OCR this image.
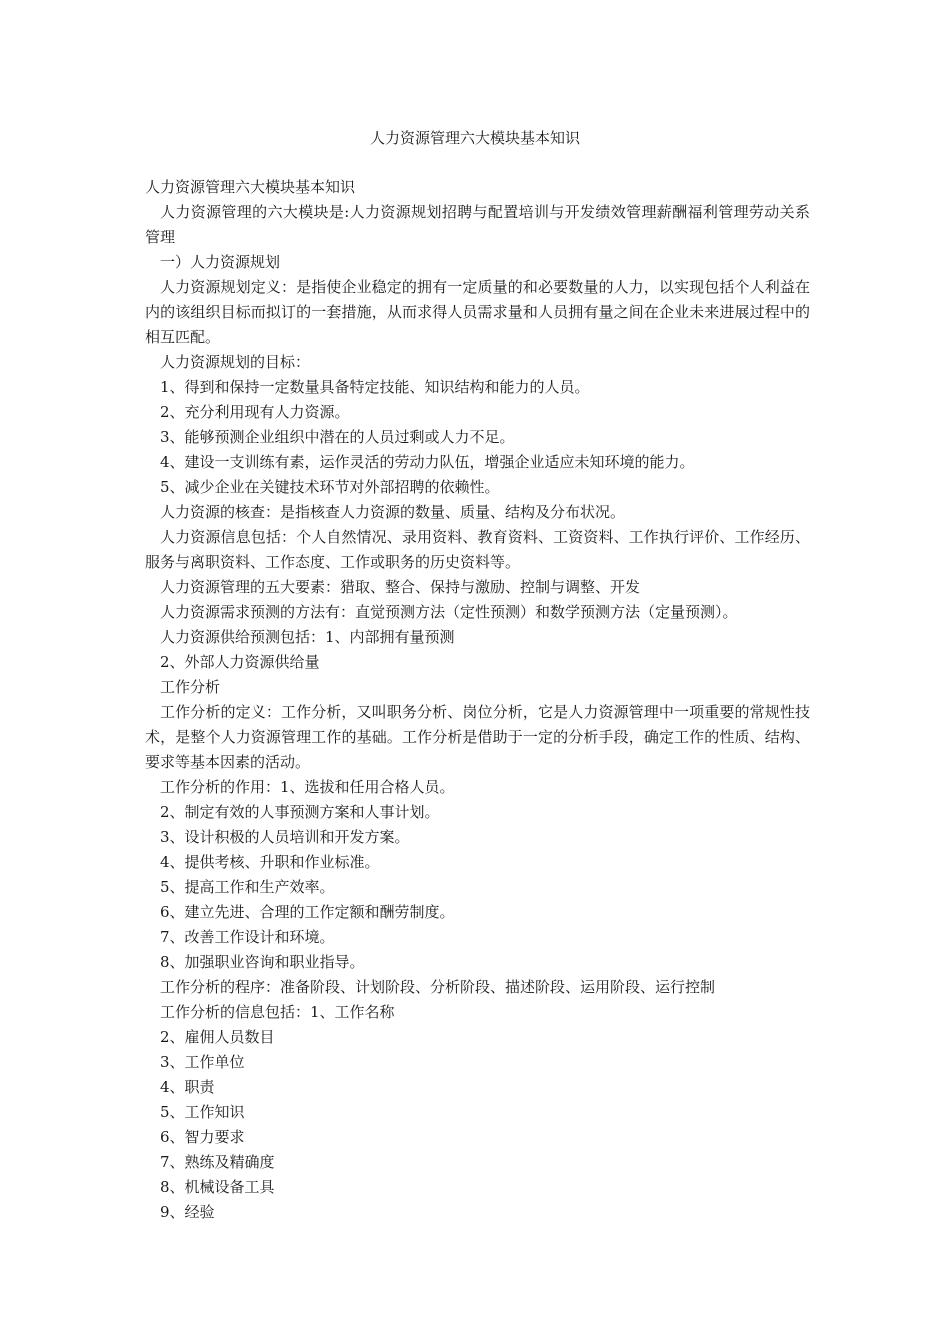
人力资源管理六大模块基本知识

人力资源管理六大模块基本知识

人力资源管理的六大模块是:人力资源规划招聘与配置培训与开发绩效管理薪酬福利管理劳动关系管理

一）人力资源规划

人力资源规划定义：是指使企业稳定的拥有一定质量的和必要数量的人力，以实现包括个人利益在内的该组织目标而拟订的一套措施，从而求得人员需求量和人员拥有量之间在企业未来进展过程中的相互匹配。

人力资源规划的目标：

1、得到和保持一定数量具备特定技能、知识结构和能力的人员。

2、充分利用现有人力资源。

3、能够预测企业组织中潜在的人员过剩或人力不足。

4、建设一支训练有素，运作灵活的劳动力队伍，增强企业适应未知环境的能力。

5、减少企业在关键技术环节对外部招聘的依赖性。

人力资源的核查：是指核查人力资源的数量、质量、结构及分布状况。

人力资源信息包括：个人自然情况、录用资料、教育资料、工资资料、工作执行评价、工作经历、服务与离职资料、工作态度、工作或职务的历史资料等。

人力资源管理的五大要素：猎取、整合、保持与激励、控制与调整、开发

人力资源需求预测的方法有：直觉预测方法（定性预测）和数学预测方法（定量预测）。

人力资源供给预测包括：1、内部拥有量预测

2、外部人力资源供给量

工作分析

工作分析的定义：工作分析，又叫职务分析、岗位分析，它是人力资源管理中一项重要的常规性技术，是整个人力资源管理工作的基础。工作分析是借助于一定的分析手段，确定工作的性质、结构、要求等基本因素的活动。

工作分析的作用：1、选拔和任用合格人员。

2、制定有效的人事预测方案和人事计划。

3、设计积极的人员培训和开发方案。

4、提供考核、升职和作业标准。

5、提高工作和生产效率。

6、建立先进、合理的工作定额和酬劳制度。

7、改善工作设计和环境。

8、加强职业咨询和职业指导。

工作分析的程序：准备阶段、计划阶段、分析阶段、描述阶段、运用阶段、运行控制

工作分析的信息包括：1、工作名称

2、雇佣人员数目

3、工作单位

4、职责

5、工作知识

6、智力要求

7、熟练及精确度

8、机械设备工具

9、经验
